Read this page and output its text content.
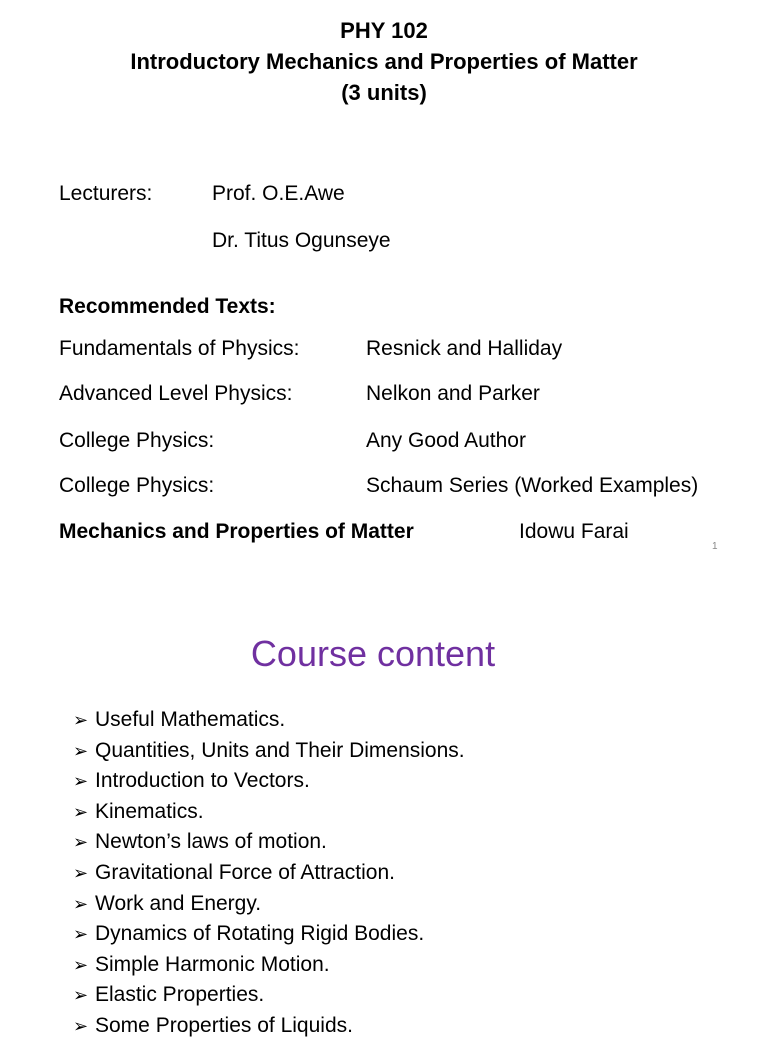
PHY 102
Introductory Mechanics and Properties of Matter
(3 units)
Lecturers:	Prof. O.E.Awe
Dr. Titus Ogunseye
Recommended Texts:
Fundamentals of Physics:	Resnick and Halliday
Advanced Level Physics:	Nelkon and Parker
College Physics:	Any Good Author
College Physics:	Schaum Series (Worked Examples)
Mechanics and Properties of Matter	Idowu Farai
1
Course content
➢ Useful Mathematics.
➢ Quantities, Units and Their Dimensions.
➢ Introduction to Vectors.
➢ Kinematics.
➢ Newton’s laws of motion.
➢ Gravitational Force of Attraction.
➢ Work and Energy.
➢ Dynamics of Rotating Rigid Bodies.
➢ Simple Harmonic Motion.
➢ Elastic Properties.
➢ Some Properties of Liquids.
